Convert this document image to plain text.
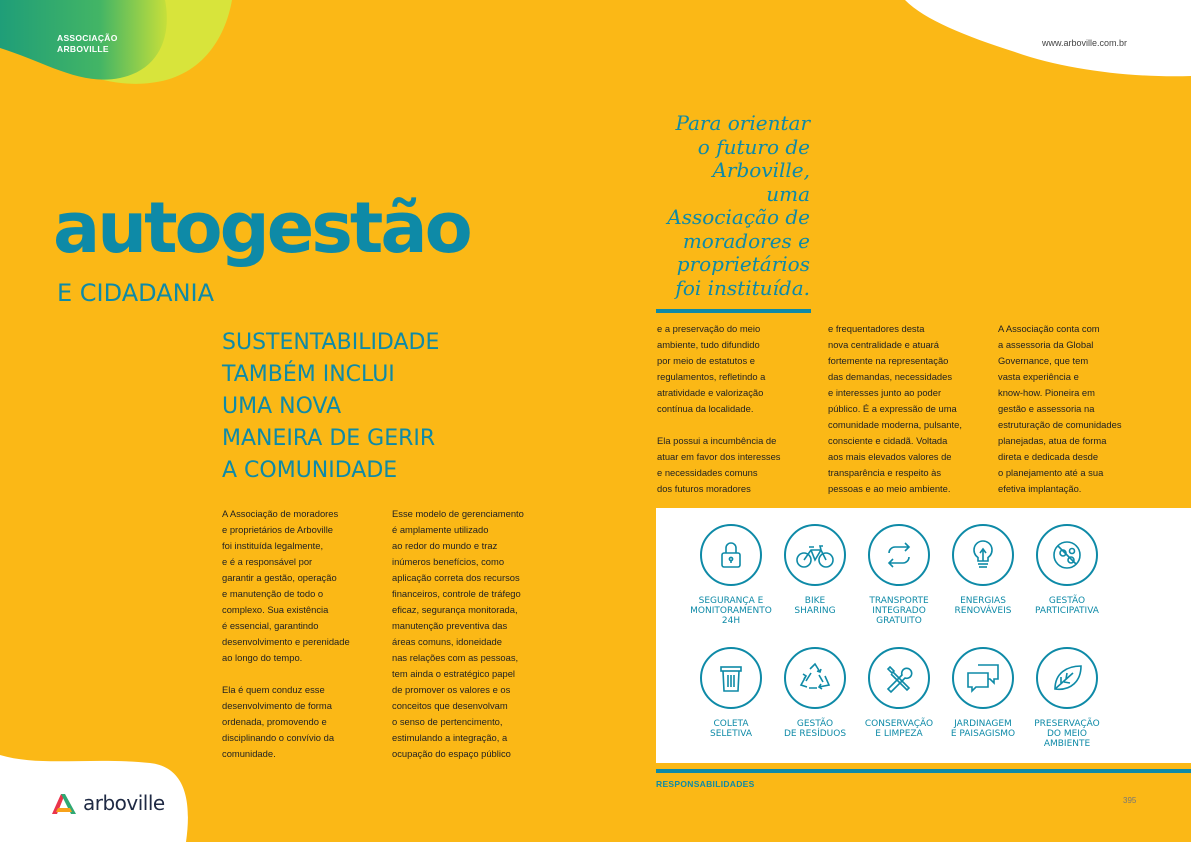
ASSOCIAÇÃO
ARBOVILLE
www.arboville.com.br
autogestão
E CIDADANIA
SUSTENTABILIDADE
TAMBÉM INCLUI
UMA NOVA
MANEIRA DE GERIR
A COMUNIDADE
A Associação de moradores
e proprietários de Arboville
foi instituída legalmente,
e é a responsável por
garantir a gestão, operação
e manutenção de todo o
complexo. Sua existência
é essencial, garantindo
desenvolvimento e perenidade
ao longo do tempo.

Ela é quem conduz esse
desenvolvimento de forma
ordenada, promovendo e
disciplinando o convívio da
comunidade.
Esse modelo de gerenciamento
é amplamente utilizado
ao redor do mundo e traz
inúmeros benefícios, como
aplicação correta dos recursos
financeiros, controle de tráfego
eficaz, segurança monitorada,
manutenção preventiva das
áreas comuns, idoneidade
nas relações com as pessoas,
tem ainda o estratégico papel
de promover os valores e os
conceitos que desenvolvam
o senso de pertencimento,
estimulando a integração, a
ocupação do espaço público
Para orientar
o futuro de
Arboville,
uma
Associação de
moradores e
proprietários
foi instituída.
e a preservação do meio
ambiente, tudo difundido
por meio de estatutos e
regulamentos, refletindo a
atratividade e valorização
contínua da localidade.

Ela possui a incumbência de
atuar em favor dos interesses
e necessidades comuns
dos futuros moradores
e frequentadores desta
nova centralidade e atuará
fortemente na representação
das demandas, necessidades
e interesses junto ao poder
público. É a expressão de uma
comunidade moderna, pulsante,
consciente e cidadã. Voltada
aos mais elevados valores de
transparência e respeito às
pessoas e ao meio ambiente.
A Associação conta com
a assessoria da Global
Governance, que tem
vasta experiência e
know-how. Pioneira em
gestão e assessoria na
estruturação de comunidades
planejadas, atua de forma
direta e dedicada desde
o planejamento até a sua
efetiva implantação.
SEGURANÇA E
MONITORAMENTO
24H
BIKE
SHARING
TRANSPORTE
INTEGRADO
GRATUITO
ENERGIAS
RENOVÁVEIS
GESTÃO
PARTICIPATIVA
COLETA
SELETIVA
GESTÃO
DE RESÍDUOS
CONSERVAÇÃO
E LIMPEZA
JARDINAGEM
E PAISAGISMO
PRESERVAÇÃO
DO MEIO
AMBIENTE
RESPONSABILIDADES
395
arboville
